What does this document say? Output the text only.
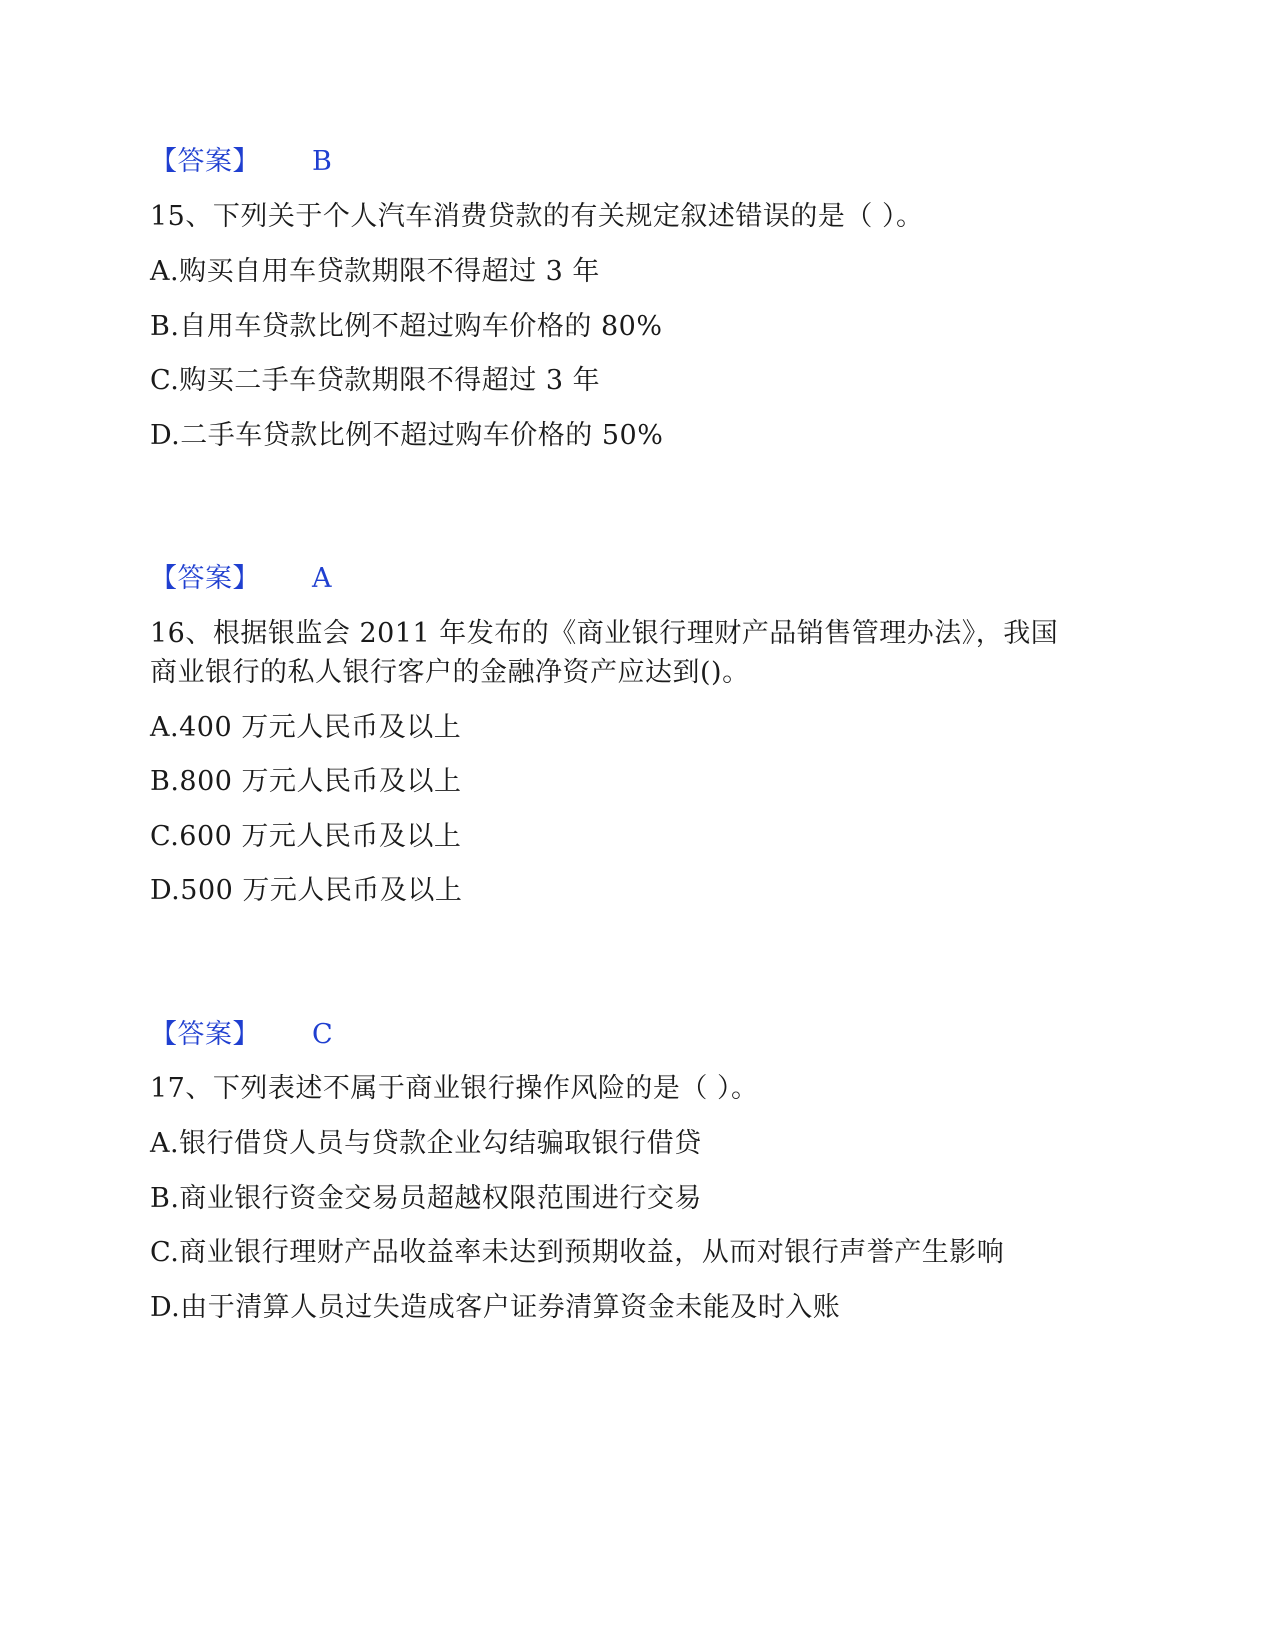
【答案】 B
15、下列关于个人汽车消费贷款的有关规定叙述错误的是（ ）。
A.购买自用车贷款期限不得超过 3 年
B.自用车贷款比例不超过购车价格的 80%
C.购买二手车贷款期限不得超过 3 年
D.二手车贷款比例不超过购车价格的 50%
【答案】 A
16、根据银监会 2011 年发布的《商业银行理财产品销售管理办法》，我国
商业银行的私人银行客户的金融净资产应达到()。
A.400 万元人民币及以上
B.800 万元人民币及以上
C.600 万元人民币及以上
D.500 万元人民币及以上
【答案】 C
17、下列表述不属于商业银行操作风险的是（ ）。
A.银行借贷人员与贷款企业勾结骗取银行借贷
B.商业银行资金交易员超越权限范围进行交易
C.商业银行理财产品收益率未达到预期收益，从而对银行声誉产生影响
D.由于清算人员过失造成客户证券清算资金未能及时入账
